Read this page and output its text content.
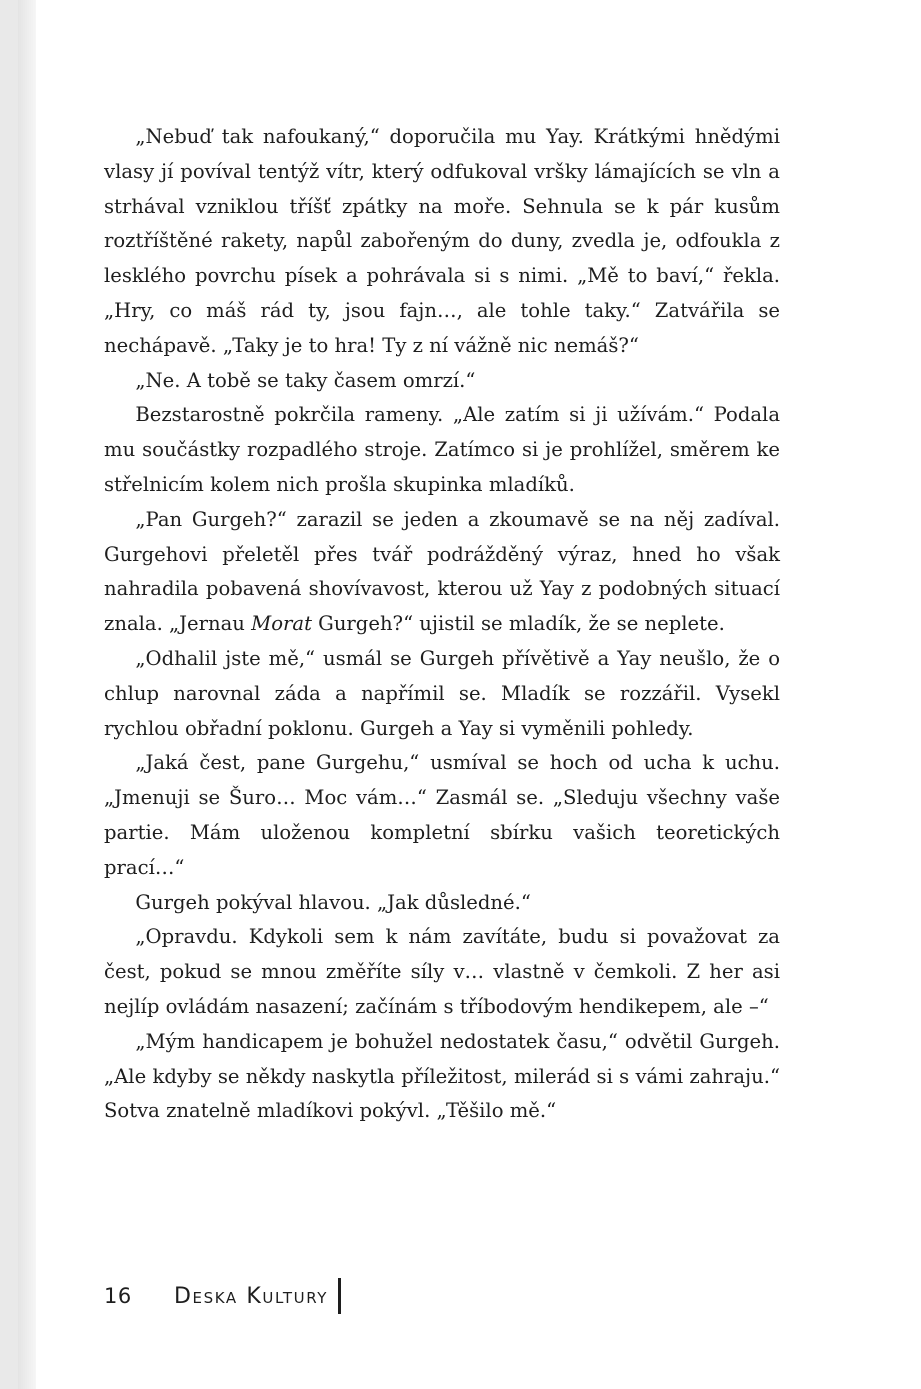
„Nebuď tak nafoukaný,“ doporučila mu Yay. Krátkými hnědými vlasy jí povíval tentýž vítr, který odfukoval vršky lámajících se vln a strhával vzniklou tříšť zpátky na moře. Sehnula se k pár kusům roztříštěné rakety, napůl zabořeným do duny, zvedla je, odfoukla z lesklého povrchu písek a pohrávala si s nimi. „Mě to baví,“ řekla. „Hry, co máš rád ty, jsou fajn…, ale tohle taky.“ Zatvářila se nechápavě. „Taky je to hra! Ty z ní vážně nic nemáš?“

„Ne. A tobě se taky časem omrzí.“

Bezstarostně pokrčila rameny. „Ale zatím si ji užívám.“ Podala mu součástky rozpadlého stroje. Zatímco si je prohlížel, směrem ke střelnicím kolem nich prošla skupinka mladíků.

„Pan Gurgeh?“ zarazil se jeden a zkoumavě se na něj zadíval. Gurgehovi přeletěl přes tvář podrážděný výraz, hned ho však nahradila pobavená shovívavost, kterou už Yay z podobných situací znala. „Jernau Morat Gurgeh?“ ujistil se mladík, že se neplete.

„Odhalil jste mě,“ usmál se Gurgeh přívětivě a Yay neušlo, že o chlup narovnal záda a napřímil se. Mladík se rozzářil. Vysekl rychlou obřadní poklonu. Gurgeh a Yay si vyměnili pohledy.

„Jaká čest, pane Gurgehu,“ usmíval se hoch od ucha k uchu. „Jmenuji se Šuro… Moc vám…“ Zasmál se. „Sleduju všechny vaše partie. Mám uloženou kompletní sbírku vašich teoretických prací…“

Gurgeh pokýval hlavou. „Jak důsledné.“

„Opravdu. Kdykoli sem k nám zavítáte, budu si považovat za čest, pokud se mnou změříte síly v… vlastně v čemkoli. Z her asi nejlíp ovládám nasazení; začínám s tříbodovým hendikepem, ale –“

„Mým handicapem je bohužel nedostatek času,“ odvětil Gurgeh. „Ale kdyby se někdy naskytla příležitost, milerád si s vámi zahraju.“ Sotva znatelně mladíkovi pokývl. „Těšilo mě.“

16	Deska Kultury
